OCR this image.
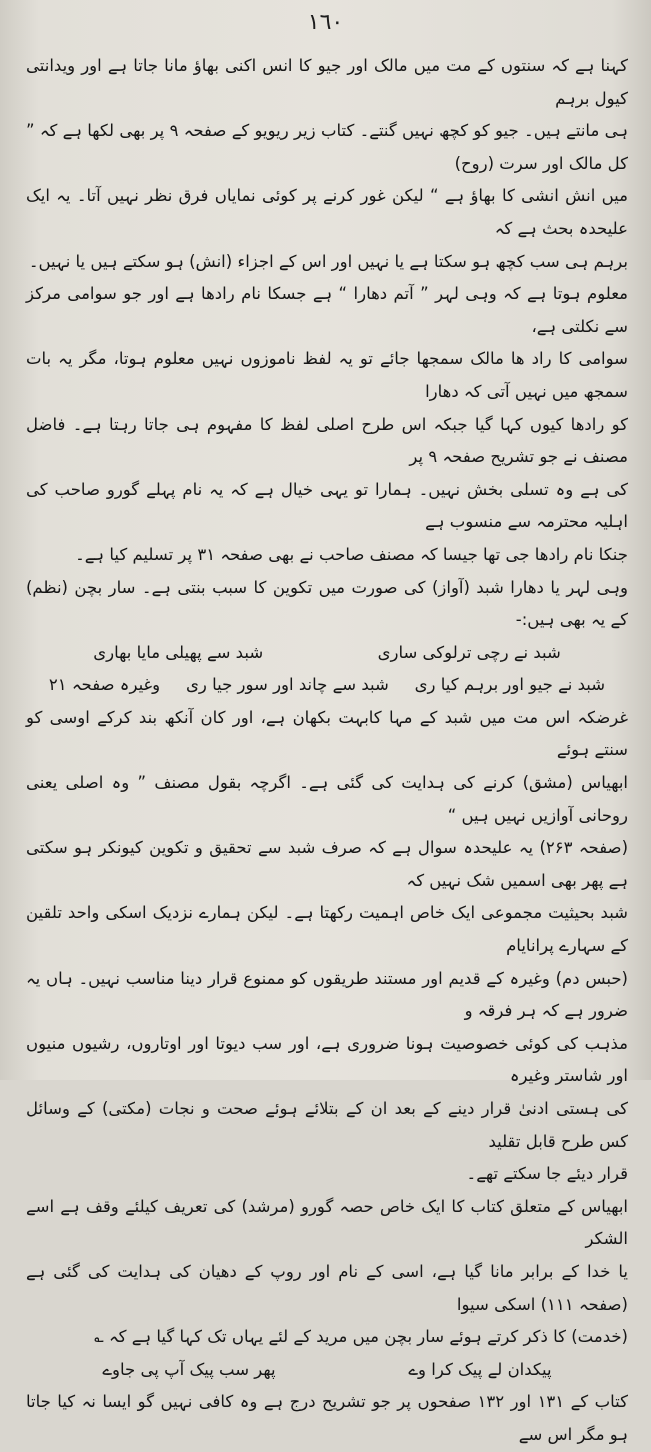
١٦٠

کہنا ہے کہ سنتوں کے مت میں مالک اور جیو کا انس اکنی بھاؤ مانا جاتا ہے اور ویدانتی کیول برہم

ہی مانتے ہیں۔ جیو کو کچھ نہیں گنتے۔ کتاب زیر ریویو کے صفحہ ۹ پر بھی لکھا ہے کہ ” کل مالک اور سرت (روح)

میں انش انشی کا بھاؤ ہے “ لیکن غور کرنے پر کوئی نمایاں فرق نظر نہیں آتا۔ یہ ایک علیحدہ بحث ہے کہ

برہم ہی سب کچھ ہو سکتا ہے یا نہیں اور اس کے اجزاء (انش) ہو سکتے ہیں یا نہیں۔

معلوم ہوتا ہے کہ وہی لہر ” آتم دھارا “ ہے جسکا نام رادھا ہے اور جو سوامی مرکز سے نکلتی ہے،

سوامی کا راد ھا مالک سمجھا جائے تو یہ لفظ ناموزوں نہیں معلوم ہوتا، مگر یہ بات سمجھ میں نہیں آتی کہ دھارا

کو رادھا کیوں کہا گیا جبکہ اس طرح اصلی لفظ کا مفہوم ہی جاتا رہتا ہے۔ فاضل مصنف نے جو تشریح صفحہ ۹ پر

کی ہے وہ تسلی بخش نہیں۔ ہمارا تو یہی خیال ہے کہ یہ نام پہلے گورو صاحب کی اہلیہ محترمہ سے منسوب ہے

جنکا نام رادھا جی تھا جیسا کہ مصنف صاحب نے بھی صفحہ ۳۱ پر تسلیم کیا ہے۔

وہی لہر یا دھارا شبد (آواز) کی صورت میں تکوین کا سبب بنتی ہے۔ سار بچن (نظم) کے یہ بھی ہیں:-

شبد نے رچی ترلوکی ساری
شبد سے پھیلی مایا بھاری
شبد نے جیو اور برہم کیا ری
شبد سے چاند اور سور جیا ری
وغیرہ صفحہ ۲۱

غرضکہ اس مت میں شبد کے مہا کابہت بکھان ہے، اور کان آنکھ بند کرکے اوسی کو سنتے ہوئے

ابھیاس (مشق) کرنے کی ہدایت کی گئی ہے۔ اگرچہ بقول مصنف ” وہ اصلی یعنی روحانی آوازیں نہیں ہیں “

(صفحہ ۲۶۳) یہ علیحدہ سوال ہے کہ صرف شبد سے تحقیق و تکوین کیونکر ہو سکتی ہے پھر بھی اسمیں شک نہیں کہ

شبد بحیثیت مجموعی ایک خاص اہمیت رکھتا ہے۔ لیکن ہمارے نزدیک اسکی واحد تلقین کے سہارے پرانایام

(حبس دم) وغیرہ کے قدیم اور مستند طریقوں کو ممنوع قرار دینا مناسب نہیں۔ ہاں یہ ضرور ہے کہ ہر فرقہ و

مذہب کی کوئی خصوصیت ہونا ضروری ہے، اور سب دیوتا اور اوتاروں، رشیوں منیوں اور شاستر وغیرہ

کی ہستی ادنیٰ قرار دینے کے بعد ان کے بتلائے ہوئے صحت و نجات (مکتی) کے وسائل کس طرح قابل تقلید

قرار دیئے جا سکتے تھے۔

ابھیاس کے متعلق کتاب کا ایک خاص حصہ گورو (مرشد) کی تعریف کیلئے وقف ہے اسے الشکر

یا خدا کے برابر مانا گیا ہے، اسی کے نام اور روپ کے دھیان کی ہدایت کی گئی ہے (صفحہ ۱۱۱) اسکی سیوا

(خدمت) کا ذکر کرتے ہوئے سار بچن میں مرید کے لئے یہاں تک کہا گیا ہے کہ ؎

پیکدان لے پیک کرا وے
پھر سب پیک آپ پی جاوے

کتاب کے ۱۳۱ اور ۱۳۲ صفحوں پر جو تشریح درج ہے وہ کافی نہیں گو ایسا نہ کیا جاتا ہو مگر اس سے
